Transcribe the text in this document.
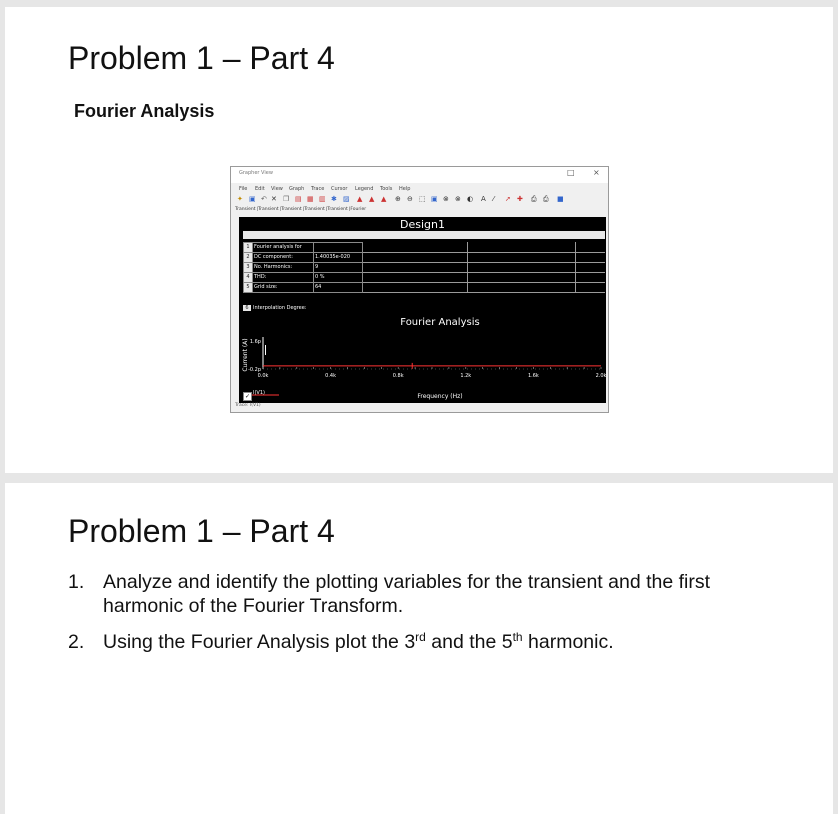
Problem 1 – Part 4
Fourier Analysis
Grapher View	□ ×
File Edit View Graph Trace Cursor Legend Tools Help
✦ ▣ ↶ ✕ ❐ ▤ ▦ ▥ ✱ ▨ ▲ ▲ ▲ ⊕ ⊖ ⬚ ▣ ⊗ ⊗ ◐ A ⁄ ➚ ✚ ⎙ ⎙ ■
Transient|Transient|Transient|Transient|Transient|Fourier
Design1
1	Fourier analysis for	
2	DC component:	1.40035e-020
3	No. Harmonics:	9
4	THD:	0 %
5	Grid size:	64
6 Interpolation Degree:
Fourier Analysis
Frequency (Hz)
Current (A) 1.6p
-0.2p
0.0k	0.4k	0.8k	1.2k	1.6k	2.0k
✓ I(V1)
Trace: I(V1)
Problem 1 – Part 4
1. Analyze and identify the plotting variables for the transient and the first harmonic of the Fourier Transform.
2. Using the Fourier Analysis plot the 3rd and the 5th harmonic.
